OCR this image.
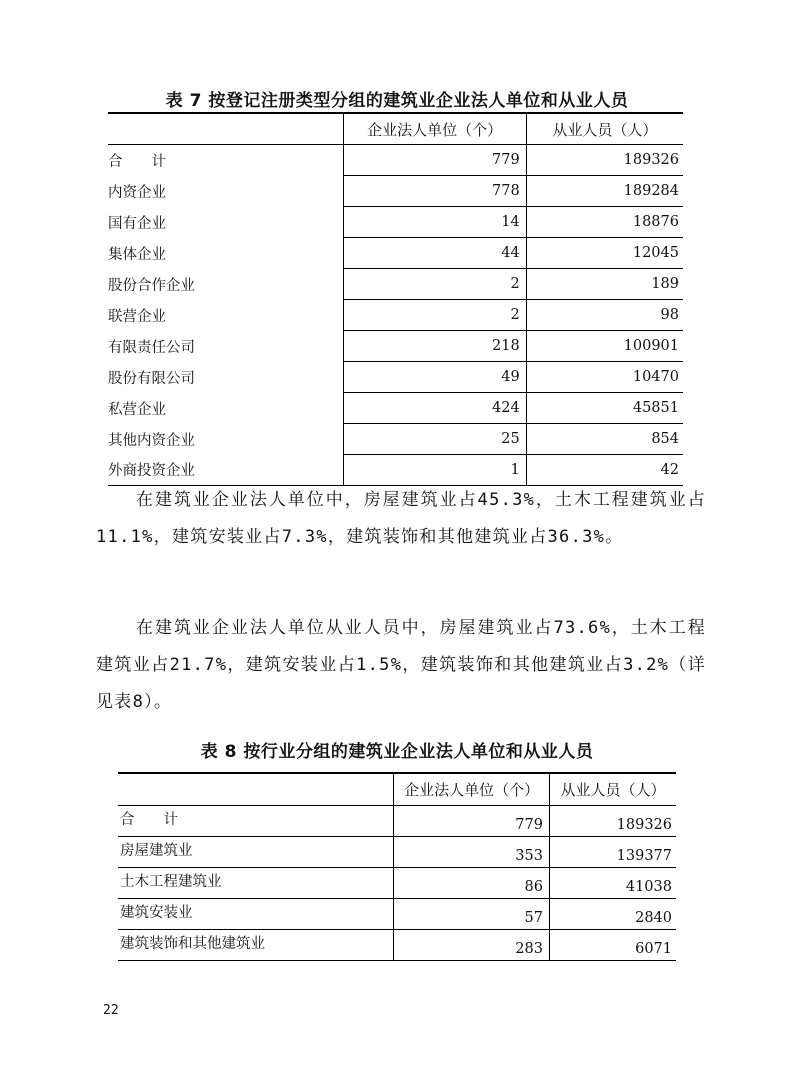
表 7 按登记注册类型分组的建筑业企业法人单位和从业人员
	企业法人单位（个）	从业人员（人）
合　　计	779	189326
内资企业	778	189284
国有企业	14	18876
集体企业	44	12045
股份合作企业	2	189
联营企业	2	98
有限责任公司	218	100901
股份有限公司	49	10470
私营企业	424	45851
其他内资企业	25	854
外商投资企业	1	42

在建筑业企业法人单位中，房屋建筑业占45.3%，土木工程建筑业占11.1%，建筑安装业占7.3%，建筑装饰和其他建筑业占36.3%。

在建筑业企业法人单位从业人员中，房屋建筑业占73.6%，土木工程建筑业占21.7%，建筑安装业占1.5%，建筑装饰和其他建筑业占3.2%（详见表8）。

表 8 按行业分组的建筑业企业法人单位和从业人员
	企业法人单位（个）	从业人员（人）
合　　计	779	189326
房屋建筑业	353	139377
土木工程建筑业	86	41038
建筑安装业	57	2840
建筑装饰和其他建筑业	283	6071
22
